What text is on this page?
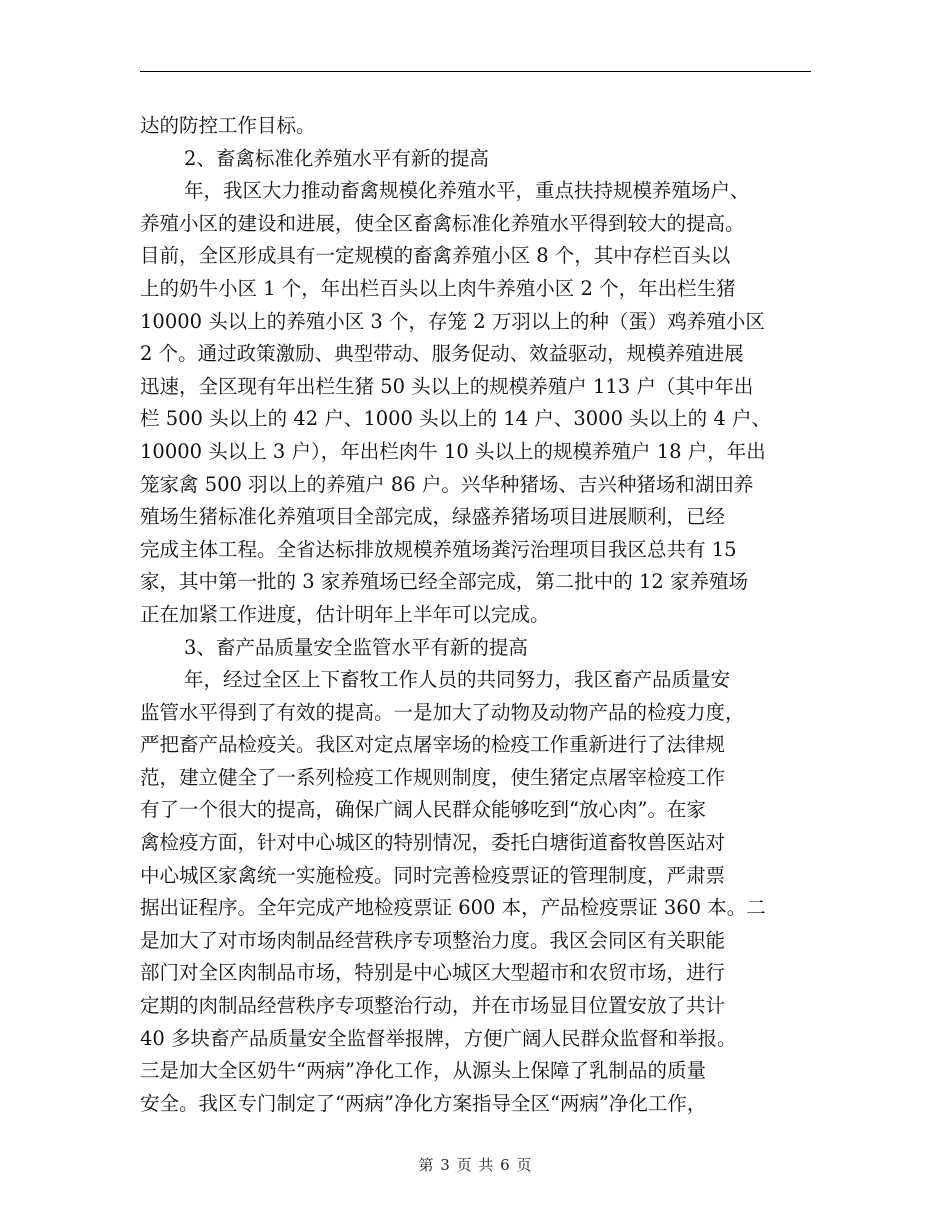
达的防控工作目标。
2、畜禽标准化养殖水平有新的提高
年，我区大力推动畜禽规模化养殖水平，重点扶持规模养殖场户、
养殖小区的建设和进展，使全区畜禽标准化养殖水平得到较大的提高。
目前，全区形成具有一定规模的畜禽养殖小区 8 个，其中存栏百头以
上的奶牛小区 1 个，年出栏百头以上肉牛养殖小区 2 个，年出栏生猪
10000 头以上的养殖小区 3 个，存笼 2 万羽以上的种（蛋）鸡养殖小区
2 个。通过政策激励、典型带动、服务促动、效益驱动，规模养殖进展
迅速，全区现有年出栏生猪 50 头以上的规模养殖户 113 户（其中年出
栏 500 头以上的 42 户、1000 头以上的 14 户、3000 头以上的 4 户、
10000 头以上 3 户），年出栏肉牛 10 头以上的规模养殖户 18 户，年出
笼家禽 500 羽以上的养殖户 86 户。兴华种猪场、吉兴种猪场和湖田养
殖场生猪标准化养殖项目全部完成，绿盛养猪场项目进展顺利，已经
完成主体工程。全省达标排放规模养殖场粪污治理项目我区总共有 15
家，其中第一批的 3 家养殖场已经全部完成，第二批中的 12 家养殖场
正在加紧工作进度，估计明年上半年可以完成。
3、畜产品质量安全监管水平有新的提高
年，经过全区上下畜牧工作人员的共同努力，我区畜产品质量安
监管水平得到了有效的提高。一是加大了动物及动物产品的检疫力度，
严把畜产品检疫关。我区对定点屠宰场的检疫工作重新进行了法律规
范，建立健全了一系列检疫工作规则制度，使生猪定点屠宰检疫工作
有了一个很大的提高，确保广阔人民群众能够吃到“放心肉”。在家
禽检疫方面，针对中心城区的特别情况，委托白塘街道畜牧兽医站对
中心城区家禽统一实施检疫。同时完善检疫票证的管理制度，严肃票
据出证程序。全年完成产地检疫票证 600 本，产品检疫票证 360 本。二
是加大了对市场肉制品经营秩序专项整治力度。我区会同区有关职能
部门对全区肉制品市场，特别是中心城区大型超市和农贸市场，进行
定期的肉制品经营秩序专项整治行动，并在市场显目位置安放了共计
40 多块畜产品质量安全监督举报牌，方便广阔人民群众监督和举报。
三是加大全区奶牛“两病”净化工作，从源头上保障了乳制品的质量
安全。我区专门制定了“两病”净化方案指导全区“两病”净化工作，
第 3 页 共 6 页
